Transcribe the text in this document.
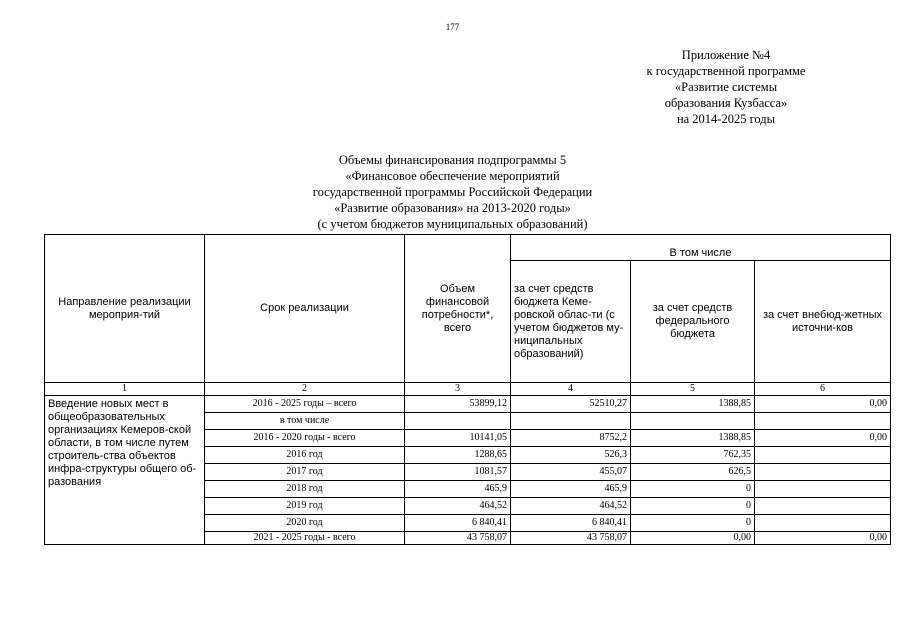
177
Приложение №4
к государственной программе
«Развитие системы
образования Кузбасса»
на 2014-2025 годы
Объемы финансирования подпрограммы 5
«Финансовое обеспечение мероприятий
государственной программы Российской Федерации
«Развитие образования» на 2013-2020 годы»
(с учетом бюджетов муниципальных образований)
Направление реализации мероприя-тий	Срок реализации	Объем финансовой потребности*, всего	В том числе		
			за счет средств бюджета Кеме-ровской облас-ти (с учетом бюджетов му-ниципальных образований)	за счет средств федерального бюджета	за счет внебюд-жетных источни-ков
1	2	3	4	5	6
Введение новых мест в общеобразовательных организациях Кемеров-ской области, в том числе путем строитель-ства объектов инфра-структуры общего об-разования	2016 - 2025 годы – всего	53899,12	52510,27	1388,85	0,00
	в том числе				
	2016 - 2020 годы - всего	10141,05	8752,2	1388,85	0,00
	2016 год	1288,65	526,3	762,35	
	2017 год	1081,57	455,07	626,5	
	2018 год	465,9	465,9	0	
	2019 год	464,52	464,52	0	
	2020 год	6 840,41	6 840,41	0	
	2021 - 2025 годы - всего	43 758,07	43 758,07	0,00	0,00
